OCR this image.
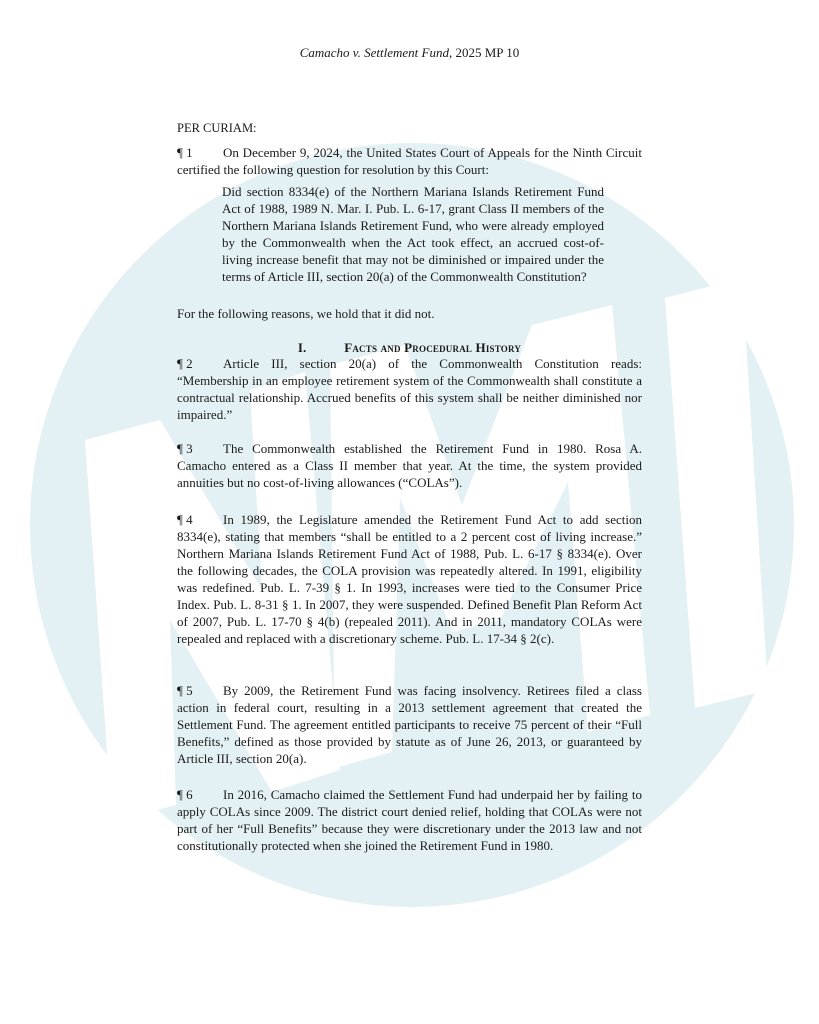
Camacho v. Settlement Fund, 2025 MP 10
PER CURIAM:
¶ 1 On December 9, 2024, the United States Court of Appeals for the Ninth Circuit certified the following question for resolution by this Court:
Did section 8334(e) of the Northern Mariana Islands Retirement Fund Act of 1988, 1989 N. Mar. I. Pub. L. 6-17, grant Class II members of the Northern Mariana Islands Retirement Fund, who were already employed by the Commonwealth when the Act took effect, an accrued cost-of-living increase benefit that may not be diminished or impaired under the terms of Article III, section 20(a) of the Commonwealth Constitution?
For the following reasons, we hold that it did not.
I.	Facts and Procedural History
¶ 2 Article III, section 20(a) of the Commonwealth Constitution reads: “Membership in an employee retirement system of the Commonwealth shall constitute a contractual relationship. Accrued benefits of this system shall be neither diminished nor impaired.”
¶ 3 The Commonwealth established the Retirement Fund in 1980. Rosa A. Camacho entered as a Class II member that year. At the time, the system provided annuities but no cost-of-living allowances (“COLAs”).
¶ 4 In 1989, the Legislature amended the Retirement Fund Act to add section 8334(e), stating that members “shall be entitled to a 2 percent cost of living increase.” Northern Mariana Islands Retirement Fund Act of 1988, Pub. L. 6-17 § 8334(e). Over the following decades, the COLA provision was repeatedly altered. In 1991, eligibility was redefined. Pub. L. 7-39 § 1. In 1993, increases were tied to the Consumer Price Index. Pub. L. 8-31 § 1. In 2007, they were suspended. Defined Benefit Plan Reform Act of 2007, Pub. L. 17-70 § 4(b) (repealed 2011). And in 2011, mandatory COLAs were repealed and replaced with a discretionary scheme. Pub. L. 17-34 § 2(c).
¶ 5 By 2009, the Retirement Fund was facing insolvency. Retirees filed a class action in federal court, resulting in a 2013 settlement agreement that created the Settlement Fund. The agreement entitled participants to receive 75 percent of their “Full Benefits,” defined as those provided by statute as of June 26, 2013, or guaranteed by Article III, section 20(a).
¶ 6 In 2016, Camacho claimed the Settlement Fund had underpaid her by failing to apply COLAs since 2009. The district court denied relief, holding that COLAs were not part of her “Full Benefits” because they were discretionary under the 2013 law and not constitutionally protected when she joined the Retirement Fund in 1980.
